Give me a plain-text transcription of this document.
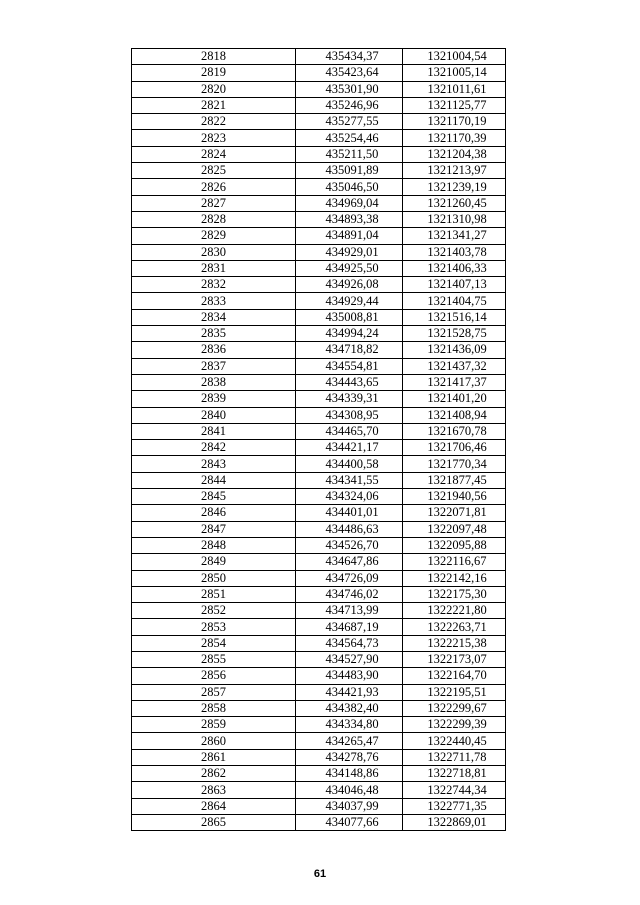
2818	435434,37	1321004,54
2819	435423,64	1321005,14
2820	435301,90	1321011,61
2821	435246,96	1321125,77
2822	435277,55	1321170,19
2823	435254,46	1321170,39
2824	435211,50	1321204,38
2825	435091,89	1321213,97
2826	435046,50	1321239,19
2827	434969,04	1321260,45
2828	434893,38	1321310,98
2829	434891,04	1321341,27
2830	434929,01	1321403,78
2831	434925,50	1321406,33
2832	434926,08	1321407,13
2833	434929,44	1321404,75
2834	435008,81	1321516,14
2835	434994,24	1321528,75
2836	434718,82	1321436,09
2837	434554,81	1321437,32
2838	434443,65	1321417,37
2839	434339,31	1321401,20
2840	434308,95	1321408,94
2841	434465,70	1321670,78
2842	434421,17	1321706,46
2843	434400,58	1321770,34
2844	434341,55	1321877,45
2845	434324,06	1321940,56
2846	434401,01	1322071,81
2847	434486,63	1322097,48
2848	434526,70	1322095,88
2849	434647,86	1322116,67
2850	434726,09	1322142,16
2851	434746,02	1322175,30
2852	434713,99	1322221,80
2853	434687,19	1322263,71
2854	434564,73	1322215,38
2855	434527,90	1322173,07
2856	434483,90	1322164,70
2857	434421,93	1322195,51
2858	434382,40	1322299,67
2859	434334,80	1322299,39
2860	434265,47	1322440,45
2861	434278,76	1322711,78
2862	434148,86	1322718,81
2863	434046,48	1322744,34
2864	434037,99	1322771,35
2865	434077,66	1322869,01
61
